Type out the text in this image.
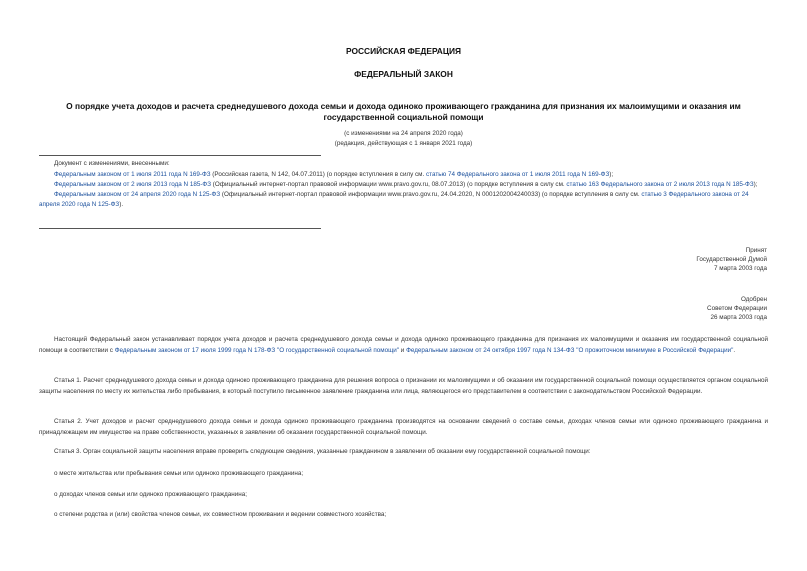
РОССИЙСКАЯ ФЕДЕРАЦИЯ
ФЕДЕРАЛЬНЫЙ ЗАКОН
О порядке учета доходов и расчета среднедушевого дохода семьи и дохода одиноко проживающего гражданина для признания их малоимущими и оказания им
государственной социальной помощи
(с изменениями на 24 апреля 2020 года)
(редакция, действующая с 1 января 2021 года)
Документ с изменениями, внесенными:
Федеральным законом от 1 июля 2011 года N 169-ФЗ (Российская газета, N 142, 04.07.2011) (о порядке вступления в силу см. статью 74 Федерального закона от 1 июля 2011 года N 169-ФЗ);
Федеральным законом от 2 июля 2013 года N 185-ФЗ (Официальный интернет-портал правовой информации www.pravo.gov.ru, 08.07.2013) (о порядке вступления в силу см. статью 163 Федерального закона от 2 июля 2013 года N 185-ФЗ);
Федеральным законом от 24 апреля 2020 года N 125-ФЗ (Официальный интернет-портал правовой информации www.pravo.gov.ru, 24.04.2020, N 0001202004240033) (о порядке вступления в силу см. статью 3 Федерального закона от 24 апреля 2020 года N 125-ФЗ).
Принят
Государственной Думой
7 марта 2003 года
Одобрен
Советом Федерации
26 марта 2003 года
Настоящий Федеральный закон устанавливает порядок учета доходов и расчета среднедушевого дохода семьи и дохода одиноко проживающего гражданина для признания их малоимущими и оказания им государственной социальной помощи в соответствии с Федеральным законом от 17 июля 1999 года N 178-ФЗ "О государственной социальной помощи" и Федеральным законом от 24 октября 1997 года N 134-ФЗ "О прожиточном минимуме в Российской Федерации".
Статья 1. Расчет среднедушевого дохода семьи и дохода одиноко проживающего гражданина для решения вопроса о признании их малоимущими и об оказании им государственной социальной помощи осуществляется органом социальной защиты населения по месту их жительства либо пребывания, в который поступило письменное заявление гражданина или лица, являющегося его представителем в соответствии с законодательством Российской Федерации.
Статья 2. Учет доходов и расчет среднедушевого дохода семьи и дохода одиноко проживающего гражданина производятся на основании сведений о составе семьи, доходах членов семьи или одиноко проживающего гражданина и принадлежащем им имуществе на праве собственности, указанных в заявлении об оказании государственной социальной помощи.
Статья 3. Орган социальной защиты населения вправе проверить следующие сведения, указанные гражданином в заявлении об оказании ему государственной социальной помощи:
о месте жительства или пребывания семьи или одиноко проживающего гражданина;
о доходах членов семьи или одиноко проживающего гражданина;
о степени родства и (или) свойства членов семьи, их совместном проживании и ведении совместного хозяйства;
